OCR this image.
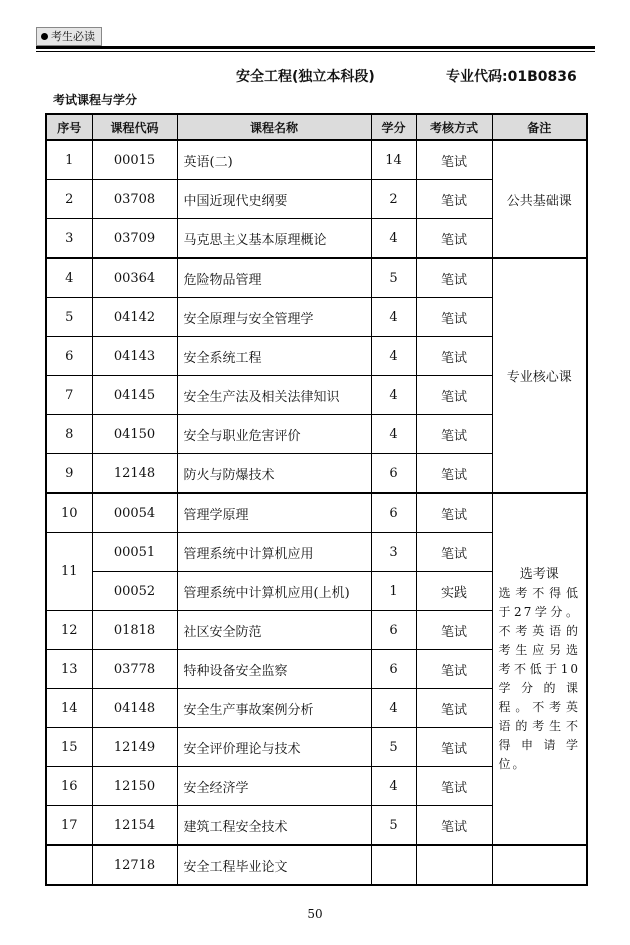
考生必读
安全工程(独立本科段)	专业代码:01B0836
考试课程与学分
序号	课程代码	课程名称	学分	考核方式	备注
1	00015	英语(二)	14	笔试	公共基础课
2	03708	中国近现代史纲要	2	笔试	
3	03709	马克思主义基本原理概论	4	笔试	
4	00364	危险物品管理	5	笔试	专业核心课
5	04142	安全原理与安全管理学	4	笔试	
6	04143	安全系统工程	4	笔试	
7	04145	安全生产法及相关法律知识	4	笔试	
8	04150	安全与职业危害评价	4	笔试	
9	12148	防火与防爆技术	6	笔试	
10	00054	管理学原理	6	笔试	选考课
选考不得低于27学分。不考英语的考生应另选考不低于10学分的课程。不考英语的考生不得申请学位。

11	00051	管理系统中计算机应用	3	笔试	
	00052	管理系统中计算机应用(上机)	1	实践	
12	01818	社区安全防范	6	笔试	
13	03778	特种设备安全监察	6	笔试	
14	04148	安全生产事故案例分析	4	笔试	
15	12149	安全评价理论与技术	5	笔试	
16	12150	安全经济学	4	笔试	
17	12154	建筑工程安全技术	5	笔试	
	12718	安全工程毕业论文			
50
